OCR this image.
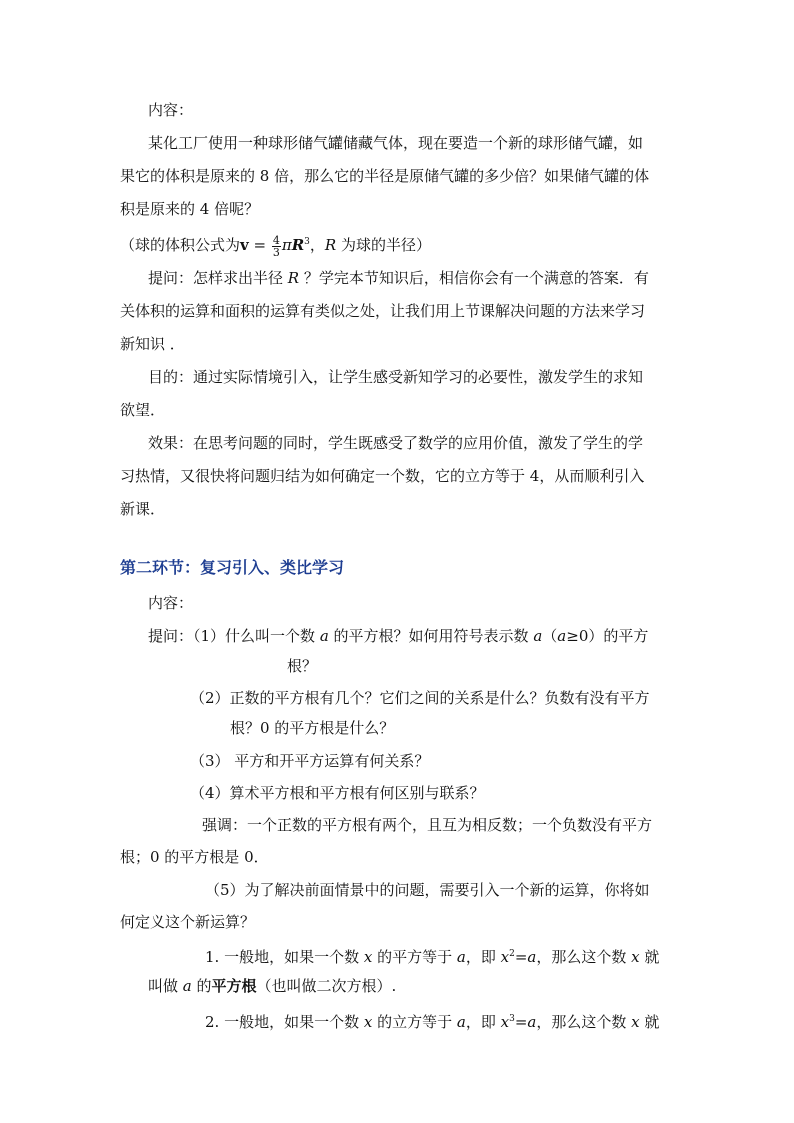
内容：
某化工厂使用一种球形储气罐储藏气体，现在要造一个新的球形储气罐，如
果它的体积是原来的 8 倍，那么它的半径是原储气罐的多少倍？如果储气罐的体
积是原来的 4 倍呢？
（球的体积公式为$v = \frac{4}{3} \pi R^3$，R 为球的半径）
提问：怎样求出半径 R ？学完本节知识后，相信你会有一个满意的答案．有
关体积的运算和面积的运算有类似之处，让我们用上节课解决问题的方法来学习
新知识 ．
目的：通过实际情境引入，让学生感受新知学习的必要性，激发学生的求知
欲望．
效果：在思考问题的同时，学生既感受了数学的应用价值，激发了学生的学
习热情，又很快将问题归结为如何确定一个数，它的立方等于 4，从而顺利引入
新课．
第二环节：复习引入、类比学习
内容：
提问：（1）什么叫一个数 a 的平方根？如何用符号表示数 a（a≥0）的平方
根？
（2）正数的平方根有几个？它们之间的关系是什么？负数有没有平方
根？0 的平方根是什么？
（3） 平方和开平方运算有何关系？
（4）算术平方根和平方根有何区别与联系？
强调：一个正数的平方根有两个，且互为相反数；一个负数没有平方
根；0 的平方根是 0．
（5）为了解决前面情景中的问题，需要引入一个新的运算，你将如
何定义这个新运算？
1. 一般地，如果一个数 x 的平方等于 a，即 $x^2=a$，那么这个数 x 就
叫做 a 的平方根（也叫做二次方根）.
2. 一般地，如果一个数 x 的立方等于 a，即 $x^3=a$，那么这个数 x 就
